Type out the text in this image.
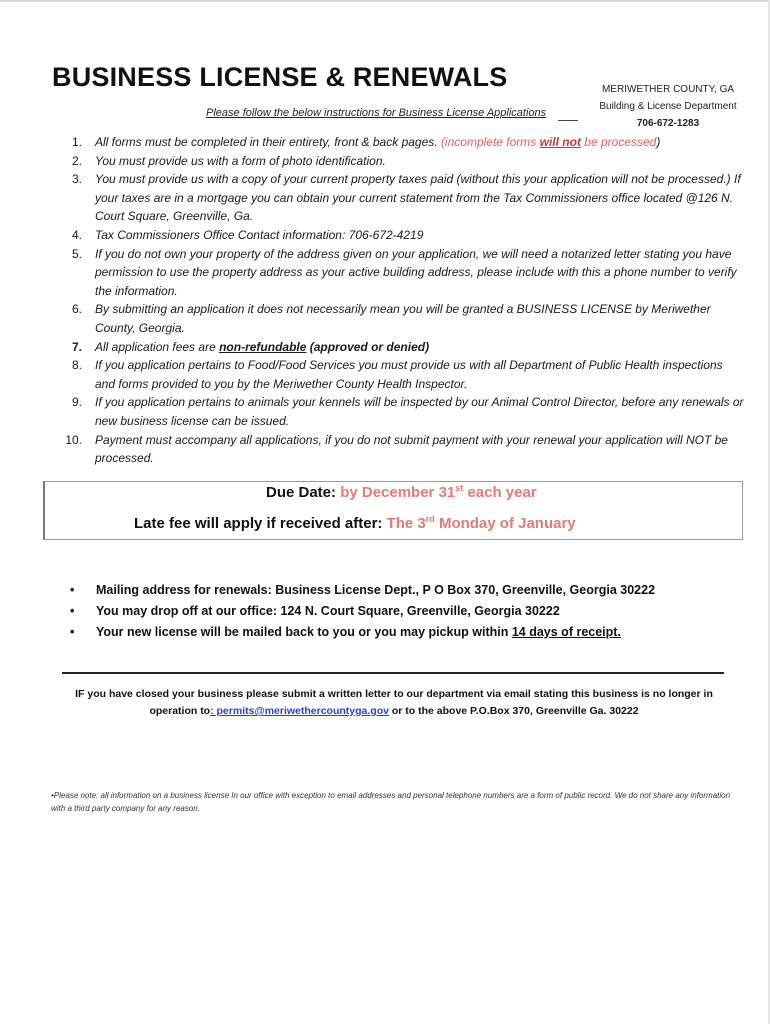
BUSINESS LICENSE & RENEWALS
Please follow the below instructions for Business License Applications
MERIWETHER COUNTY, GA
Building & License Department
706-672-1283
1. All forms must be completed in their entirety, front & back pages. (incomplete forms will not be processed)
2. You must provide us with a form of photo identification.
3. You must provide us with a copy of your current property taxes paid (without this your application will not be processed.) If your taxes are in a mortgage you can obtain your current statement from the Tax Commissioners office located @126 N. Court Square, Greenville, Ga.
4. Tax Commissioners Office Contact information: 706-672-4219
5. If you do not own your property of the address given on your application, we will need a notarized letter stating you have permission to use the property address as your active building address, please include with this a phone number to verify the information.
6. By submitting an application it does not necessarily mean you will be granted a BUSINESS LICENSE by Meriwether County, Georgia.
7. All application fees are non-refundable (approved or denied)
8. If you application pertains to Food/Food Services you must provide us with all Department of Public Health inspections and forms provided to you by the Meriwether County Health Inspector.
9. If you application pertains to animals your kennels will be inspected by our Animal Control Director, before any renewals or new business license can be issued.
10. Payment must accompany all applications, if you do not submit payment with your renewal your application will NOT be processed.
Due Date: by December 31st each year
Late fee will apply if received after: The 3rd Monday of January
• Mailing address for renewals: Business License Dept., P O Box 370, Greenville, Georgia 30222
• You may drop off at our office: 124 N. Court Square, Greenville, Georgia 30222
• Your new license will be mailed back to you or you may pickup within 14 days of receipt.
IF you have closed your business please submit a written letter to our department via email stating this business is no longer in
operation to: permits@meriwethercountyga.gov or to the above P.O.Box 370, Greenville Ga. 30222
•Please note: all information on a business license In our office with exception to email addresses and personal telephone numbers are a form of public record. We do not share any information with a third party company for any reason.
